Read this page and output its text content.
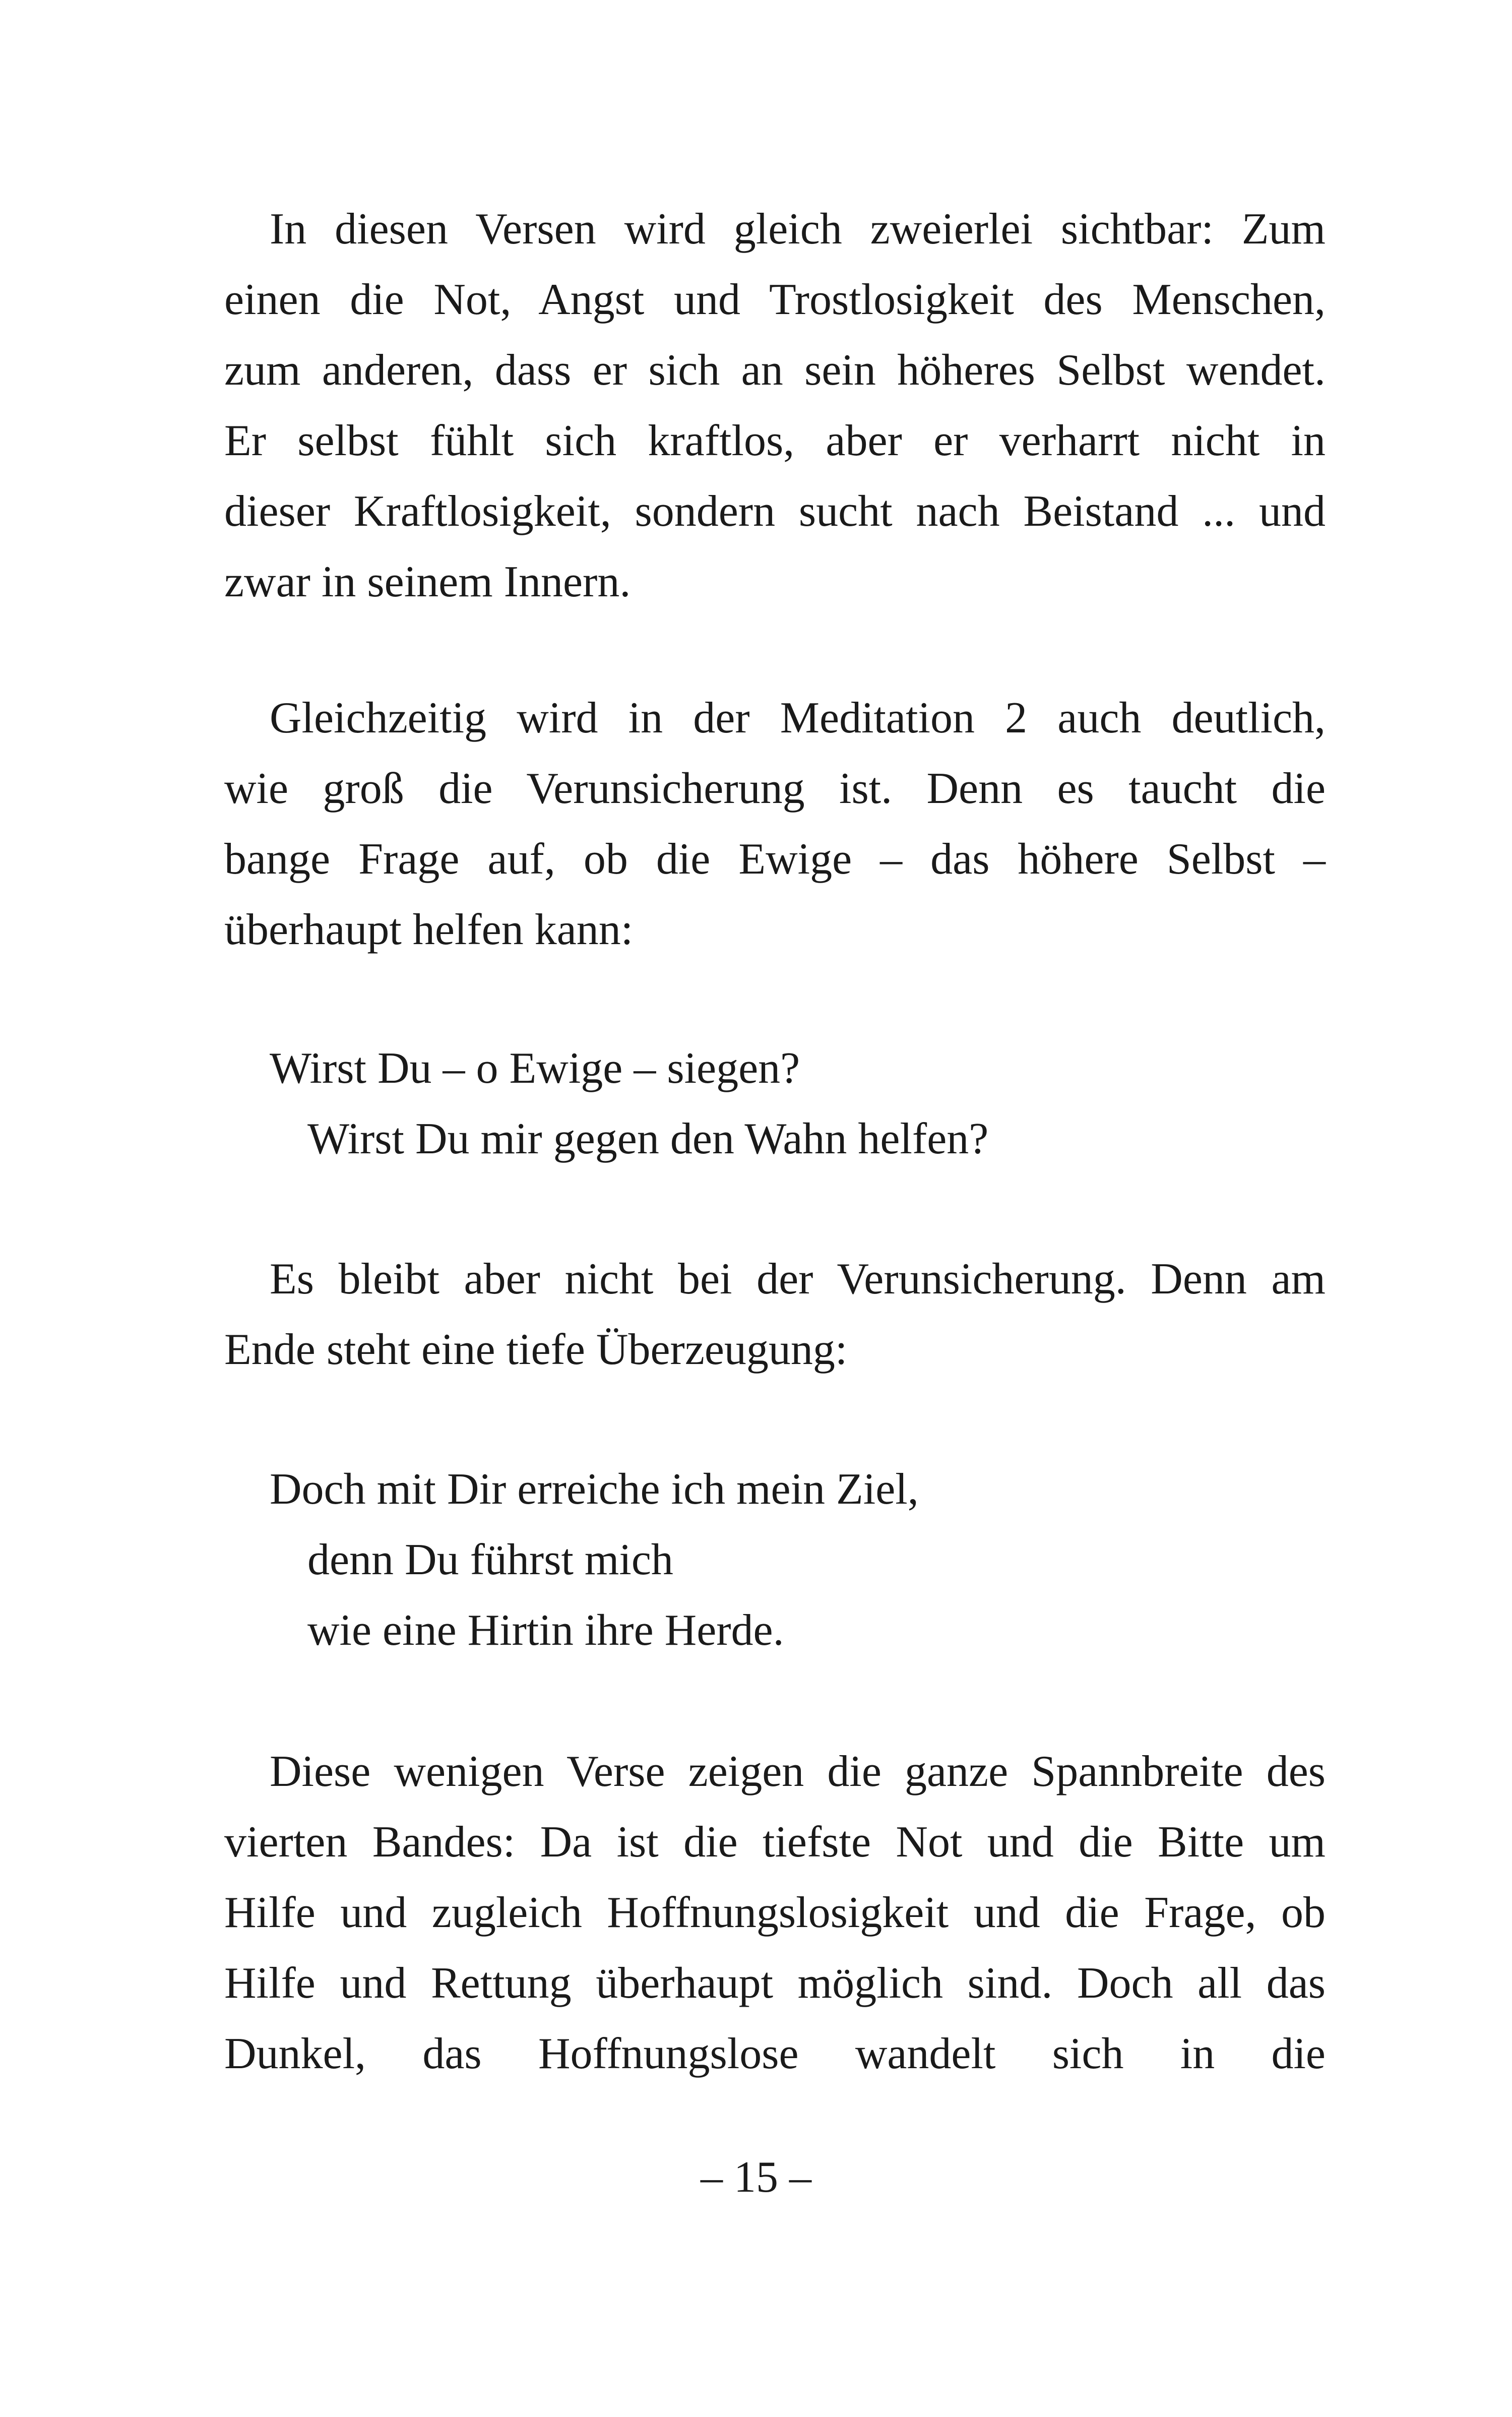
In diesen Versen wird gleich zweierlei sichtbar: Zum
einen die Not, Angst und Trostlosigkeit des Menschen,
zum anderen, dass er sich an sein höheres Selbst wendet.
Er selbst fühlt sich kraftlos, aber er verharrt nicht in
dieser Kraftlosigkeit, sondern sucht nach Beistand ... und
zwar in seinem Innern.
Gleichzeitig wird in der Meditation 2 auch deutlich,
wie groß die Verunsicherung ist. Denn es taucht die
bange Frage auf, ob die Ewige – das höhere Selbst –
überhaupt helfen kann:
Wirst Du – o Ewige – siegen?
Wirst Du mir gegen den Wahn helfen?
Es bleibt aber nicht bei der Verunsicherung. Denn am
Ende steht eine tiefe Überzeugung:
Doch mit Dir erreiche ich mein Ziel,
denn Du führst mich
wie eine Hirtin ihre Herde.
Diese wenigen Verse zeigen die ganze Spannbreite des
vierten Bandes: Da ist die tiefste Not und die Bitte um
Hilfe und zugleich Hoffnungslosigkeit und die Frage, ob
Hilfe und Rettung überhaupt möglich sind. Doch all das
Dunkel, das Hoffnungslose wandelt sich in die
– 15 –
